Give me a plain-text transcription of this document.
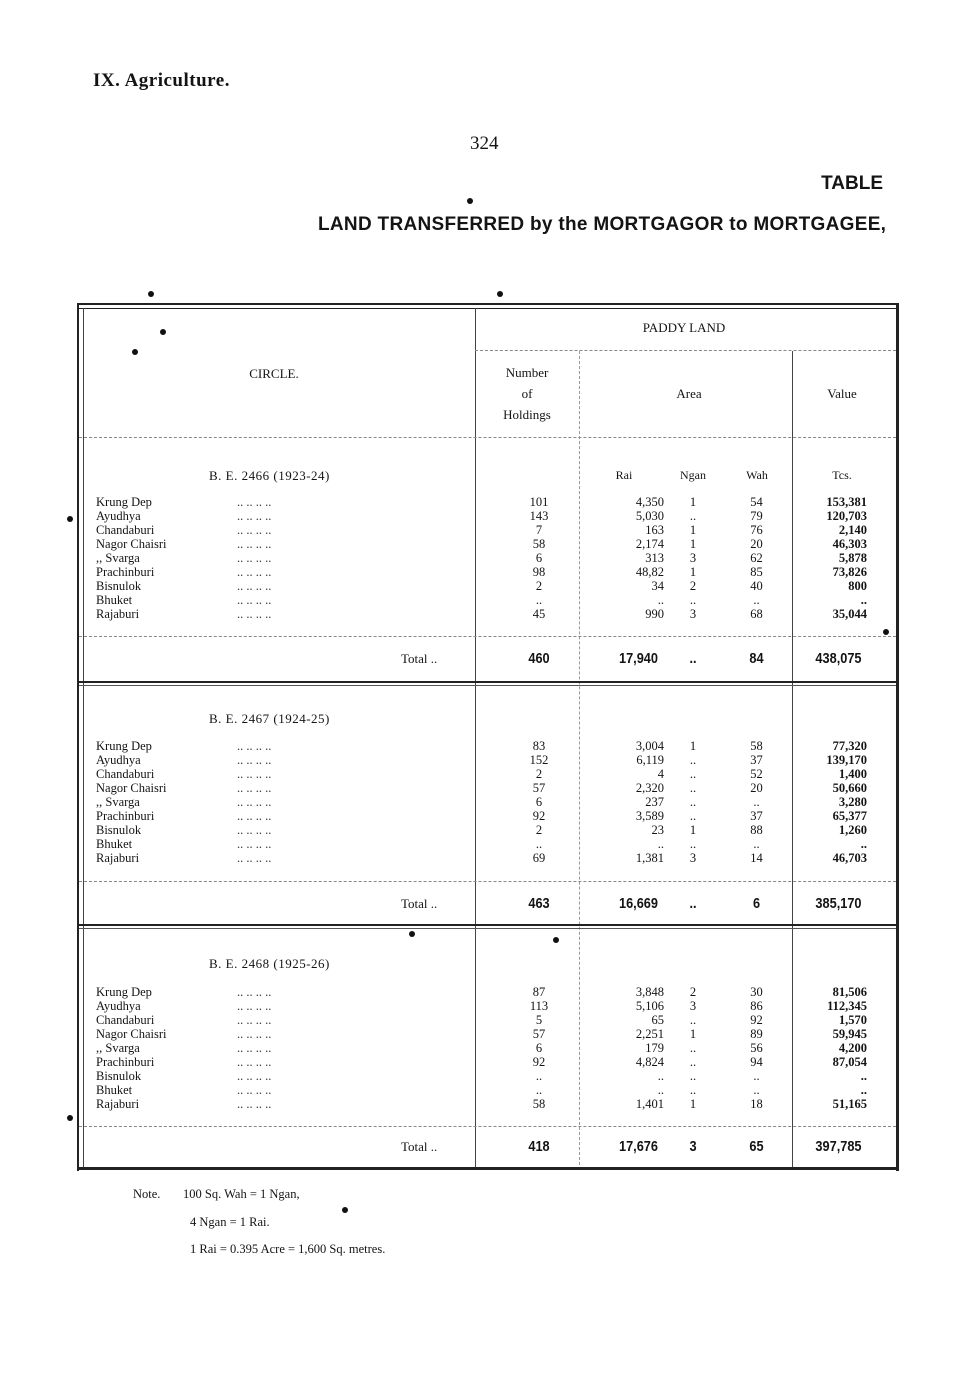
IX. Agriculture.
324
TABLE
LAND TRANSFERRED by the MORTGAGOR to MORTGAGEE,
PADDY LAND
CIRCLE.	Number
of
Holdings
Area	Value
B. E. 2466 (1923-24)	Rai	Ngan	Wah	Tcs.
Krung Dep	.. .. .. ..	101	4,350	1	54	153,381
Ayudhya	.. .. .. ..	143	5,030	..	79	120,703
Chandaburi	.. .. .. ..	7	163	1	76	2,140
Nagor Chaisri	.. .. .. ..	58	2,174	1	20	46,303
,, Svarga	.. .. .. ..	6	313	3	62	5,878
Prachinburi	.. .. .. ..	98	48,82	1	85	73,826
Bisnulok	.. .. .. ..	2	34	2	40	800
Bhuket	.. .. .. ..	..	..	..	..	..
Rajaburi	.. .. .. ..	45	990	3	68	35,044
Total ..	460	17,940	..	84	438,075
B. E. 2467 (1924-25)
Krung Dep	.. .. .. ..	83	3,004	1	58	77,320
Ayudhya	.. .. .. ..	152	6,119	..	37	139,170
Chandaburi	.. .. .. ..	2	4	..	52	1,400
Nagor Chaisri	.. .. .. ..	57	2,320	..	20	50,660
,, Svarga	.. .. .. ..	6	237	..	..	3,280
Prachinburi	.. .. .. ..	92	3,589	..	37	65,377
Bisnulok	.. .. .. ..	2	23	1	88	1,260
Bhuket	.. .. .. ..	..	..	..	..	..
Rajaburi	.. .. .. ..	69	1,381	3	14	46,703
Total ..	463	16,669	..	6	385,170
B. E. 2468 (1925-26)
Krung Dep	.. .. .. ..	87	3,848	2	30	81,506
Ayudhya	.. .. .. ..	113	5,106	3	86	112,345
Chandaburi	.. .. .. ..	5	65	..	92	1,570
Nagor Chaisri	.. .. .. ..	57	2,251	1	89	59,945
,, Svarga	.. .. .. ..	6	179	..	56	4,200
Prachinburi	.. .. .. ..	92	4,824	..	94	87,054
Bisnulok	.. .. .. ..	..	..	..	..	..
Bhuket	.. .. .. ..	..	..	..	..	..
Rajaburi	.. .. .. ..	58	1,401	1	18	51,165
Total ..	418	17,676	3	65	397,785
Note. 100 Sq. Wah = 1 Ngan,
4 Ngan = 1 Rai.
1 Rai = 0.395 Acre = 1,600 Sq. metres.
